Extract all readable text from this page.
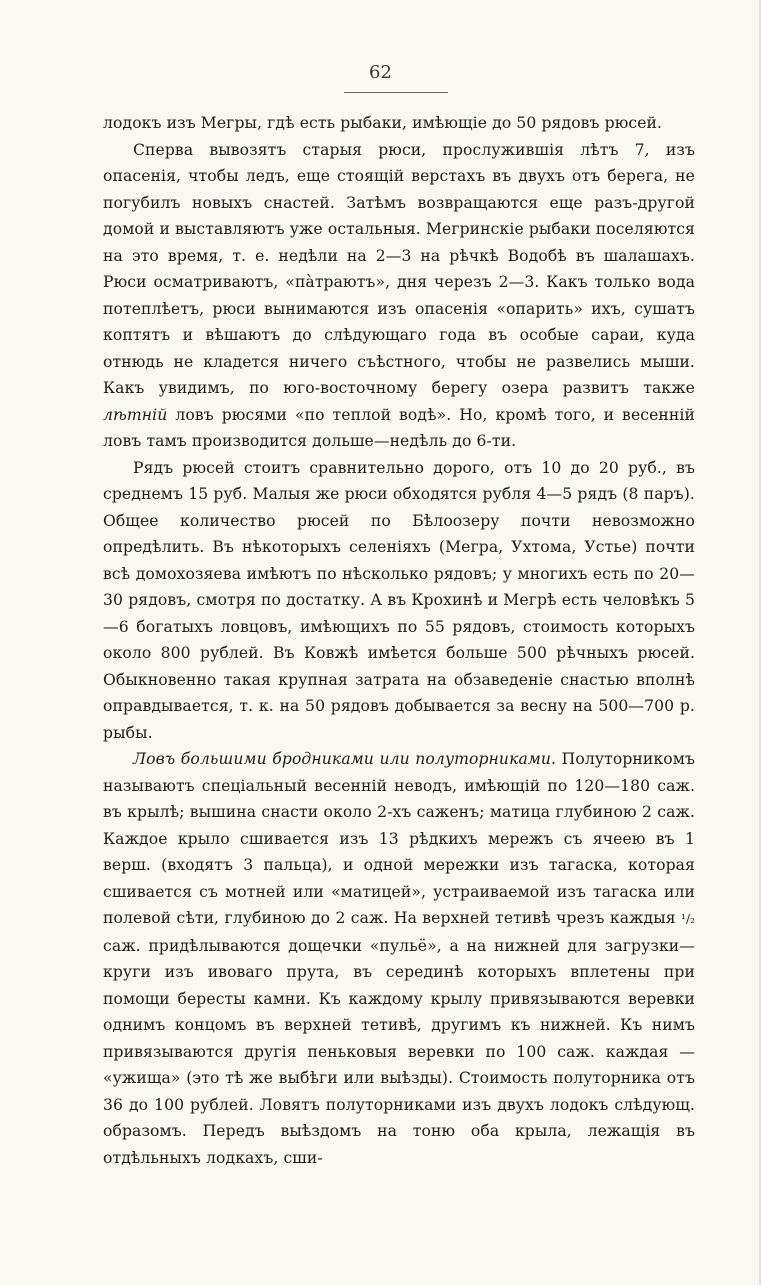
62

лодокъ изъ Мегры, гдѣ есть рыбаки, имѣющіе до 50 рядовъ рюсей.

Сперва вывозятъ старыя рюси, прослужившія лѣтъ 7, изъ опасенія, чтобы ледъ, еще стоящій верстахъ въ двухъ отъ берега, не погубилъ новыхъ снастей. Затѣмъ возвращаются еще разъ-другой домой и выставляютъ уже остальныя. Мегринскіе рыбаки поселяются на это время, т. е. недѣли на 2—3 на рѣчкѣ Водобѣ въ шалашахъ. Рюси осматриваютъ, «пàтраютъ», дня черезъ 2—3. Какъ только вода потеплѣетъ, рюси вынимаются изъ опасенія «опарить» ихъ, сушатъ коптятъ и вѣшаютъ до слѣдующаго года въ особые сараи, куда отнюдь не кладется ничего съѣстного, чтобы не развелись мыши. Какъ увидимъ, по юго-восточному берегу озера развитъ также лѣтній ловъ рюсями «по теплой водѣ». Но, кромѣ того, и весенній ловъ тамъ производится дольше—недѣль до 6-ти.

Рядъ рюсей стоитъ сравнительно дорого, отъ 10 до 20 руб., въ среднемъ 15 руб. Малыя же рюси обходятся рубля 4—5 рядъ (8 паръ). Общее количество рюсей по Бѣлоозеру почти невозможно опредѣлить. Въ нѣкоторыхъ селеніяхъ (Мегра, Ухтома, Устье) почти всѣ домохозяева имѣютъ по нѣсколько рядовъ; у многихъ есть по 20—30 рядовъ, смотря по достатку. А въ Крохинѣ и Мегрѣ есть человѣкъ 5—6 богатыхъ ловцовъ, имѣющихъ по 55 рядовъ, стоимость которыхъ около 800 рублей. Въ Ковжѣ имѣется больше 500 рѣчныхъ рюсей. Обыкновенно такая крупная затрата на обзаведеніе снастью вполнѣ оправдывается, т. к. на 50 рядовъ добывается за весну на 500—700 р. рыбы.

Ловъ большими бродниками или полуторниками. Полуторникомъ называютъ спеціальный весенній неводъ, имѣющій по 120—180 саж. въ крылѣ; вышина снасти около 2-хъ саженъ; матица глубиною 2 саж. Каждое крыло сшивается изъ 13 рѣдкихъ мережъ съ ячеею въ 1 верш. (входятъ 3 пальца), и одной мережки изъ тагаска, которая сшивается съ мотней или «матицей», устраиваемой изъ тагаска или полевой сѣти, глубиною до 2 саж. На верхней тетивѣ чрезъ каждыя ¹/₂ саж. придѣлываются дощечки «пульё», а на нижней для загрузки—круги изъ ивоваго прута, въ серединѣ которыхъ вплетены при помощи бересты камни. Къ каждому крылу привязываются веревки однимъ концомъ въ верхней тетивѣ, другимъ къ нижней. Къ нимъ привязываются другія пеньковыя веревки по 100 саж. каждая — «ужища» (это тѣ же выбѣги или выѣзды). Стоимость полуторника отъ 36 до 100 рублей. Ловятъ полуторниками изъ двухъ лодокъ слѣдующ. образомъ. Передъ выѣздомъ на тоню оба крыла, лежащія въ отдѣльныхъ лодкахъ, сши-
